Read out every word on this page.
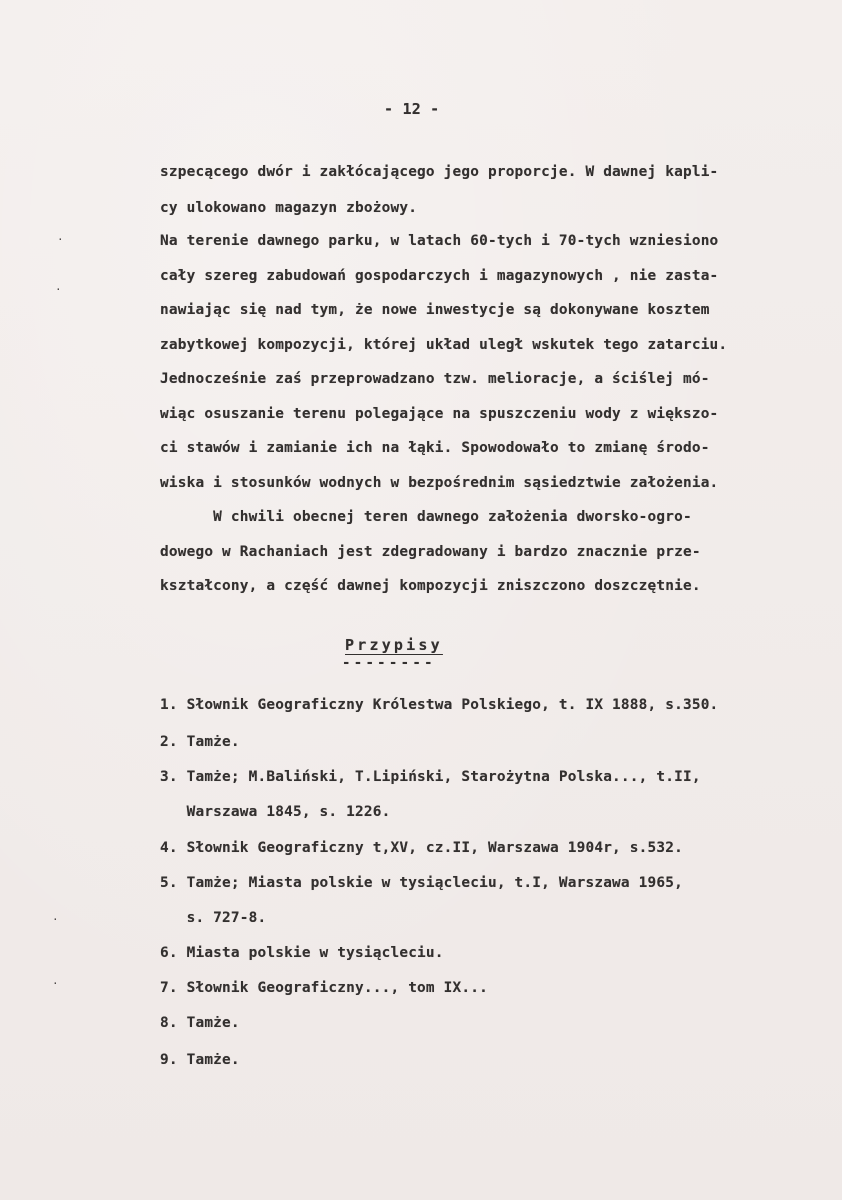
- 12 -
szpecącego dwór i zakłócającego jego proporcje. W dawnej kapli-
cy ulokowano magazyn zbożowy.
Na terenie dawnego parku, w latach 60-tych i 70-tych wzniesiono
cały szereg zabudowań gospodarczych i magazynowych , nie zasta-
nawiając się nad tym, że nowe inwestycje są dokonywane kosztem
zabytkowej kompozycji, której układ uległ wskutek tego zatarciu.
Jednocześnie zaś przeprowadzano tzw. melioracje, a ściślej mó-
wiąc osuszanie terenu polegające na spuszczeniu wody z większo-
ci stawów i zamianie ich na łąki. Spowodowało to zmianę środo-
wiska i stosunków wodnych w bezpośrednim sąsiedztwie założenia.
W chwili obecnej teren dawnego założenia dworsko-ogro-
dowego w Rachaniach jest zdegradowany i bardzo znacznie prze-
kształcony, a część dawnej kompozycji zniszczono doszczętnie.
Przypisy
--------
1. Słownik Geograficzny Królestwa Polskiego, t. IX 1888, s.350.
2. Tamże.
3. Tamże; M.Baliński, T.Lipiński, Starożytna Polska..., t.II,
Warszawa 1845, s. 1226.
4. Słownik Geograficzny t,XV, cz.II, Warszawa 1904r, s.532.
5. Tamże; Miasta polskie w tysiącleciu, t.I, Warszawa 1965,
s. 727-8.
6. Miasta polskie w tysiącleciu.
7. Słownik Geograficzny..., tom IX...
8. Tamże.
9. Tamże.
·
·
·
·
